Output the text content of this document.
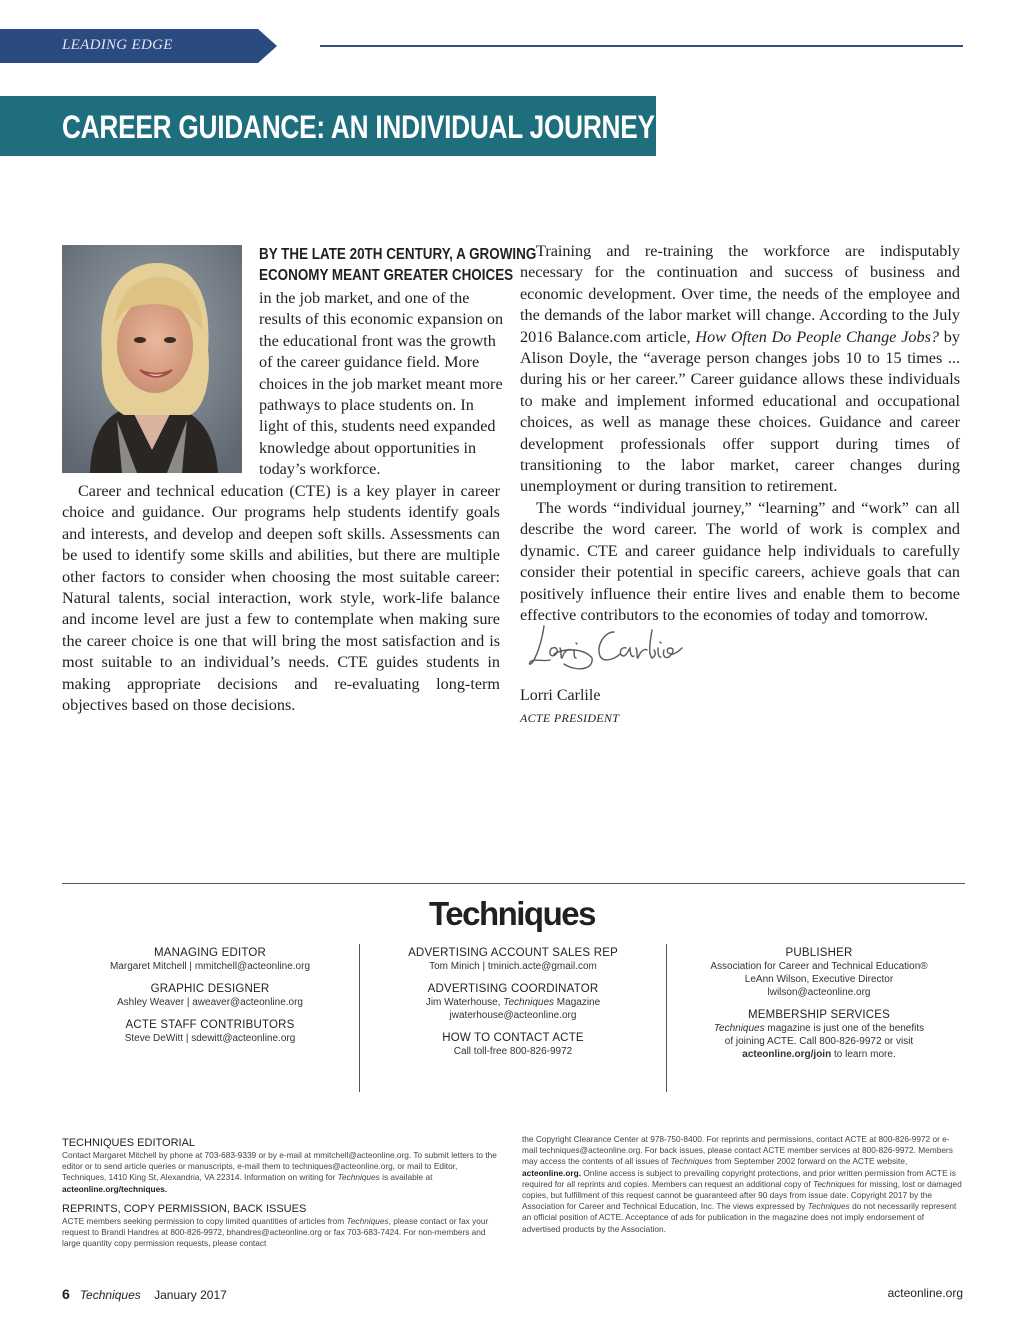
LEADING EDGE
CAREER GUIDANCE: AN INDIVIDUAL JOURNEY
BY THE LATE 20TH CENTURY, A GROWING
ECONOMY MEANT GREATER CHOICES
in the job market, and one of the results of this economic expansion on the educational front was the growth of the career guidance field. More choices in the job market meant more pathways to place students on. In light of this, students need expanded knowledge about opportunities in today’s workforce.
Career and technical education (CTE) is a key player in career choice and guidance. Our programs help students identify goals and interests, and develop and deepen soft skills. Assessments can be used to identify some skills and abilities, but there are multiple other factors to consider when choosing the most suitable career: Natural talents, social interaction, work style, work-life balance and income level are just a few to contemplate when making sure the career choice is one that will bring the most satisfaction and is most suitable to an individual’s needs. CTE guides students in making appropriate decisions and re-evaluating long-term objectives based on those decisions.

Training and re-training the workforce are indisputably necessary for the continuation and success of business and economic development. Over time, the needs of the employee and the demands of the labor market will change. According to the July 2016 Balance.com article, How Often Do People Change Jobs? by Alison Doyle, the “average person changes jobs 10 to 15 times ... during his or her career.” Career guidance allows these individuals to make and implement informed educational and occupational choices, as well as manage these choices. Guidance and career development professionals offer support during times of transitioning to the labor market, career changes during unemployment or during transition to retirement.

The words “individual journey,” “learning” and “work” can all describe the word career. The world of work is complex and dynamic. CTE and career guidance help individuals to carefully consider their potential in specific careers, achieve goals that can positively influence their entire lives and enable them to become effective contributors to the economies of today and tomorrow.

Lorri Carlile
ACTE PRESIDENT
Techniques
MANAGING EDITOR
Margaret Mitchell | mmitchell@acteonline.org
GRAPHIC DESIGNER
Ashley Weaver | aweaver@acteonline.org
ACTE STAFF CONTRIBUTORS
Steve DeWitt | sdewitt@acteonline.org
ADVERTISING ACCOUNT SALES REP
Tom Minich | tminich.acte@gmail.com
ADVERTISING COORDINATOR
Jim Waterhouse, Techniques Magazine
jwaterhouse@acteonline.org
HOW TO CONTACT ACTE
Call toll-free 800-826-9972
PUBLISHER
Association for Career and Technical Education®
LeAnn Wilson, Executive Director
lwilson@acteonline.org
MEMBERSHIP SERVICES
Techniques magazine is just one of the benefits
of joining ACTE. Call 800-826-9972 or visit
acteonline.org/join to learn more.
TECHNIQUES EDITORIAL
Contact Margaret Mitchell by phone at 703-683-9339 or by e-mail at mmitchell@acteonline.org. To submit letters to the editor or to send article queries or manuscripts, e-mail them to techniques@acteonline.org, or mail to Editor, Techniques, 1410 King St, Alexandria, VA 22314. Information on writing for Techniques is available at acteonline.org/techniques.
REPRINTS, COPY PERMISSION, BACK ISSUES
ACTE members seeking permission to copy limited quantities of articles from Techniques, please contact or fax your request to Brandi Handres at 800-826-9972, bhandres@acteonline.org or fax 703-683-7424. For non-members and large quantity copy permission requests, please contact
the Copyright Clearance Center at 978-750-8400. For reprints and permissions, contact ACTE at 800-826-9972 or e-mail techniques@acteonline.org. For back issues, please contact ACTE member services at 800-826-9972. Members may access the contents of all issues of Techniques from September 2002 forward on the ACTE website, acteonline.org. Online access is subject to prevailing copyright protections, and prior written permission from ACTE is required for all reprints and copies. Members can request an additional copy of Techniques for missing, lost or damaged copies, but fulfillment of this request cannot be guaranteed after 90 days from issue date. Copyright 2017 by the Association for Career and Technical Education, Inc. The views expressed by Techniques do not necessarily represent an official position of ACTE. Acceptance of ads for publication in the magazine does not imply endorsement of advertised products by the Association.
6 Techniques January 2017	acteonline.org
